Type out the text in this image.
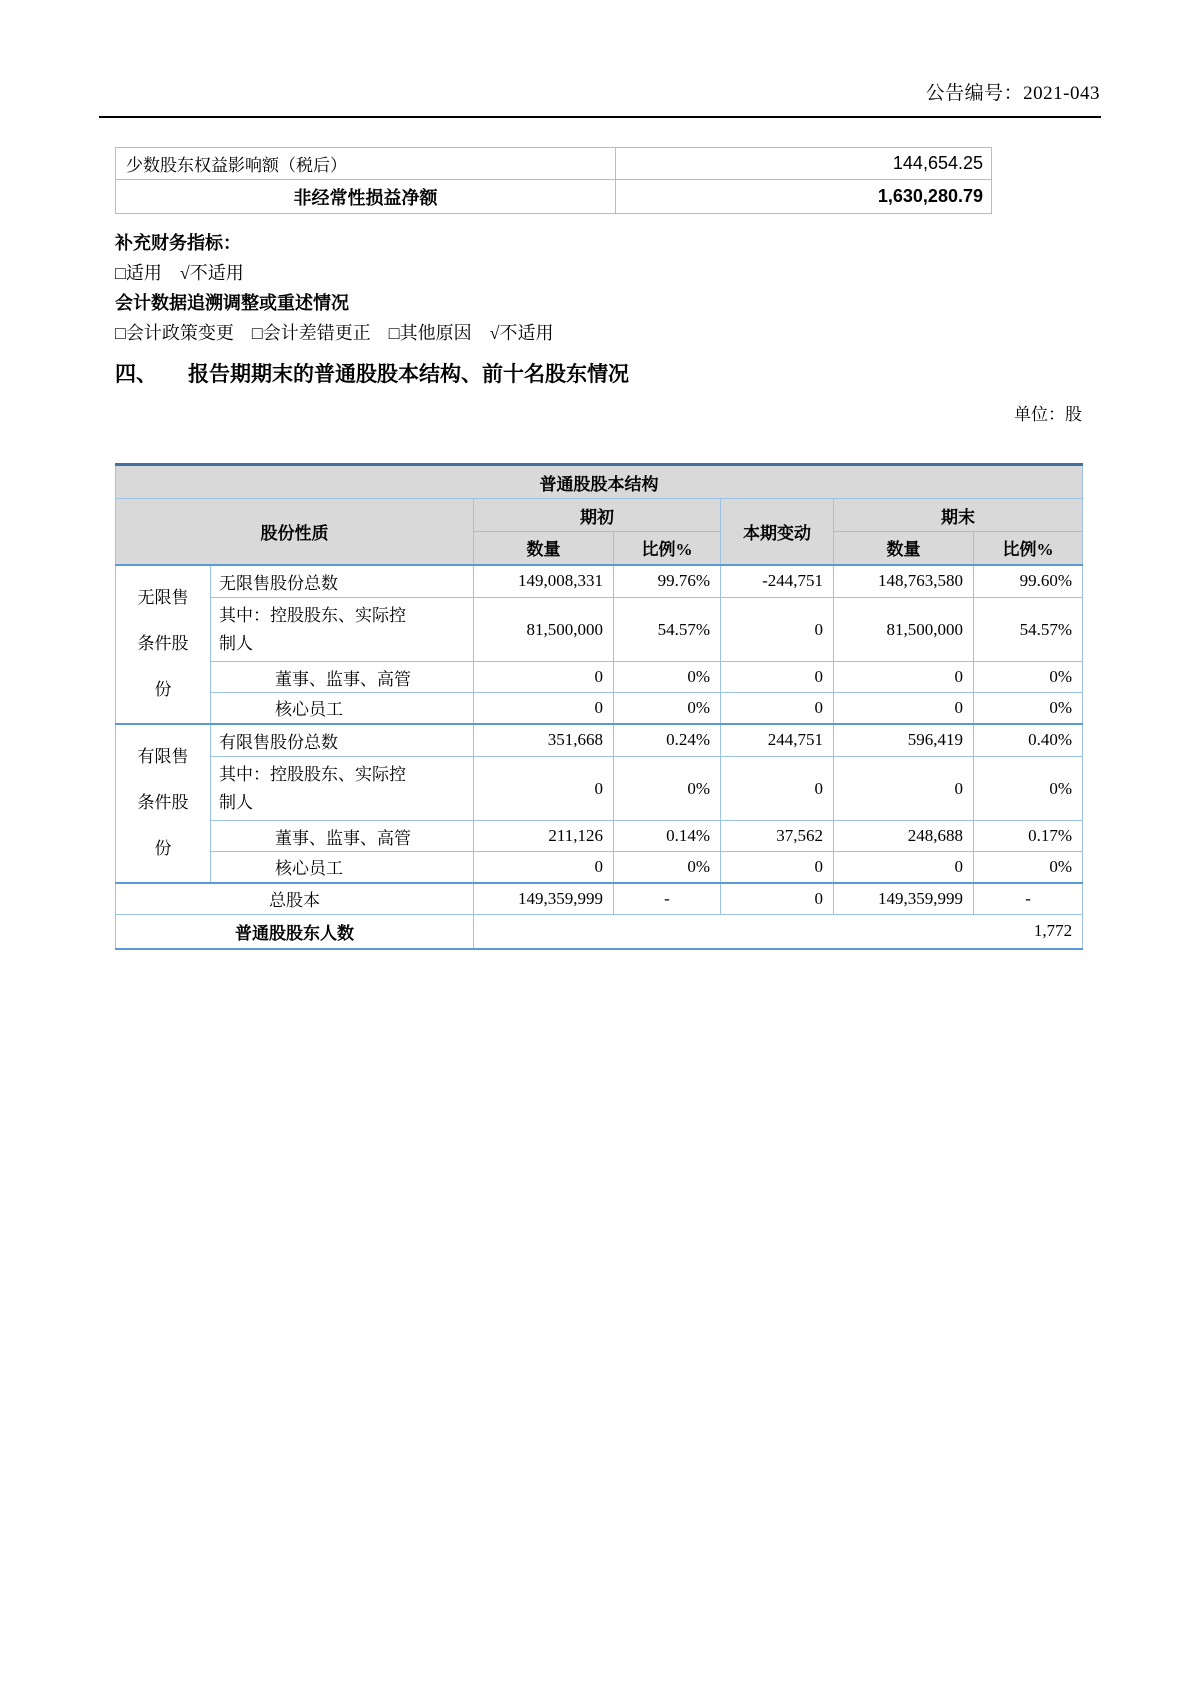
公告编号：2021-043
少数股东权益影响额（税后）	144,654.25
非经常性损益净额	1,630,280.79
补充财务指标：
□适用　√不适用
会计数据追溯调整或重述情况
□会计政策变更　□会计差错更正　□其他原因　√不适用
四、	报告期期末的普通股股本结构、前十名股东情况
单位：股
普通股股本结构						
股份性质		期初		本期变动	期末	
		数量	比例%		数量	比例%
无限售条件股份	无限售股份总数	149,008,331	99.76%	-244,751	148,763,580	99.60%

	其中：控股股东、实际控制人	81,500,000	54.57%	0	81,500,000	54.57%
	董事、监事、高管	0	0%	0	0	0%
	核心员工	0	0%	0	0	0%
有限售条件股份	有限售股份总数	351,668	0.24%	244,751	596,419	0.40%

	其中：控股股东、实际控制人	0	0%	0	0	0%
	董事、监事、高管	211,126	0.14%	37,562	248,688	0.17%
	核心员工	0	0%	0	0	0%
总股本		149,359,999	-	0	149,359,999	-
普通股股东人数		1,772				
